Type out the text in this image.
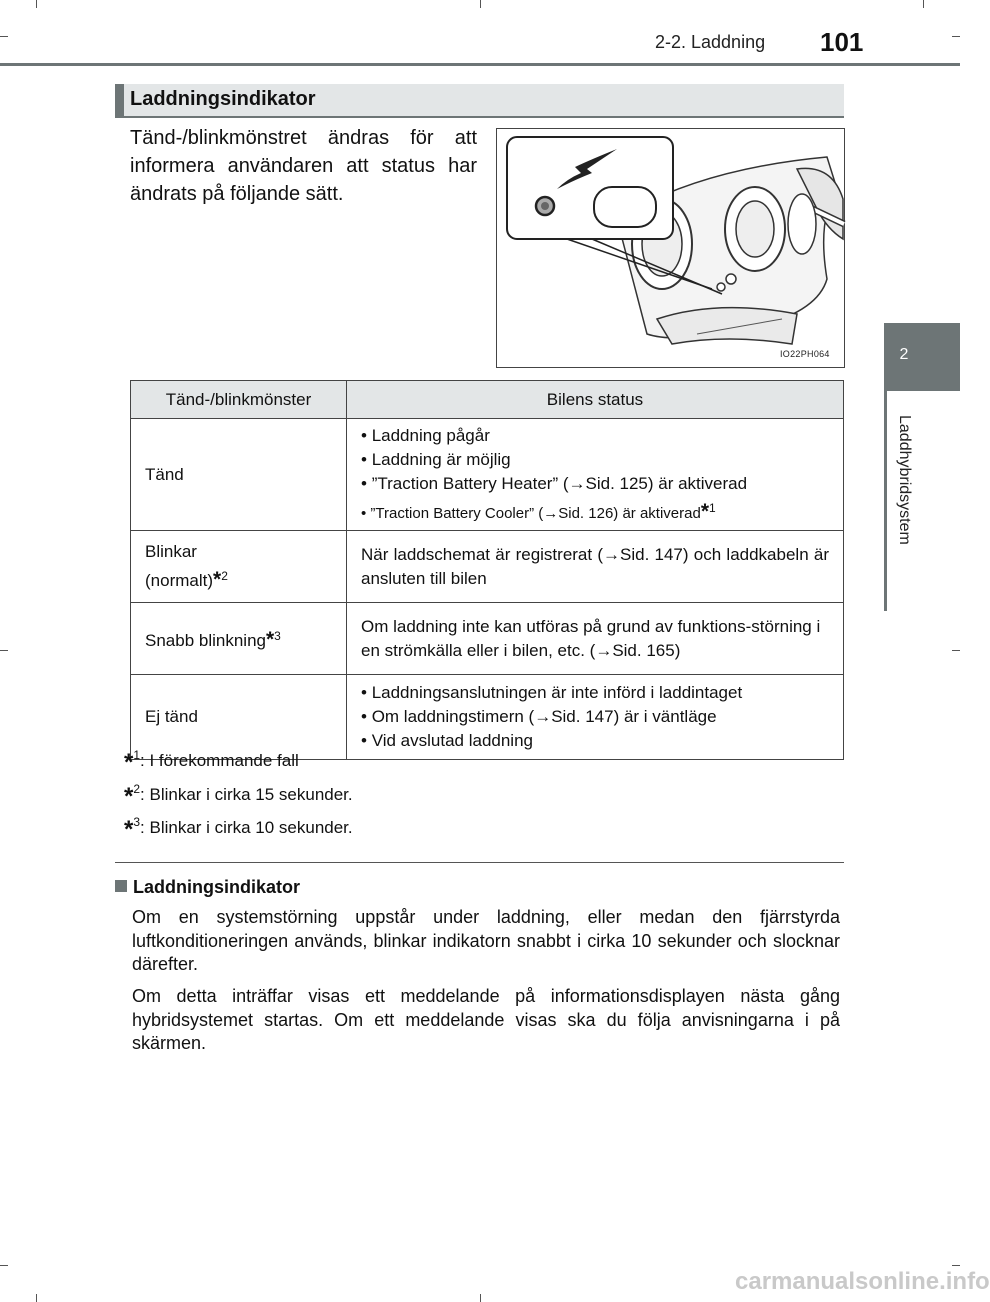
2-2. Laddning 101
2
Laddhybridsystem
Laddningsindikator
Tänd-/blinkmönstret ändras för att informera användaren att status har ändrats på följande sätt.
IO22PH064
Tänd-/blinkmönster	Bilens status
Tänd	• Laddning pågår
• Laddning är möjlig
• ”Traction Battery Heater” (→Sid. 125) är aktiverad
• ”Traction Battery Cooler” (→Sid. 126) är aktiverad*$^1$

Blinkar
(normalt)*$^2$	När laddschemat är registrerat (→Sid. 147) och laddkabeln är ansluten till bilen
Snabb blinkning*$^3$	Om laddning inte kan utföras på grund av funktions-störning i en strömkälla eller i bilen, etc. (→Sid. 165)
Ej tänd	• Laddningsanslutningen är inte införd i laddintaget
• Om laddningstimern (→Sid. 147) är i väntläge
• Vid avslutad laddning
*$^1$: I förekommande fall
*$^2$: Blinkar i cirka 15 sekunder.
*$^3$: Blinkar i cirka 10 sekunder.
Laddningsindikator
Om en systemstörning uppstår under laddning, eller medan den fjärrstyrda luftkonditioneringen används, blinkar indikatorn snabbt i cirka 10 sekunder och slocknar därefter.
Om detta inträffar visas ett meddelande på informationsdisplayen nästa gång hybridsystemet startas. Om ett meddelande visas ska du följa anvisningarna i på skärmen.
carmanualsonline.info
